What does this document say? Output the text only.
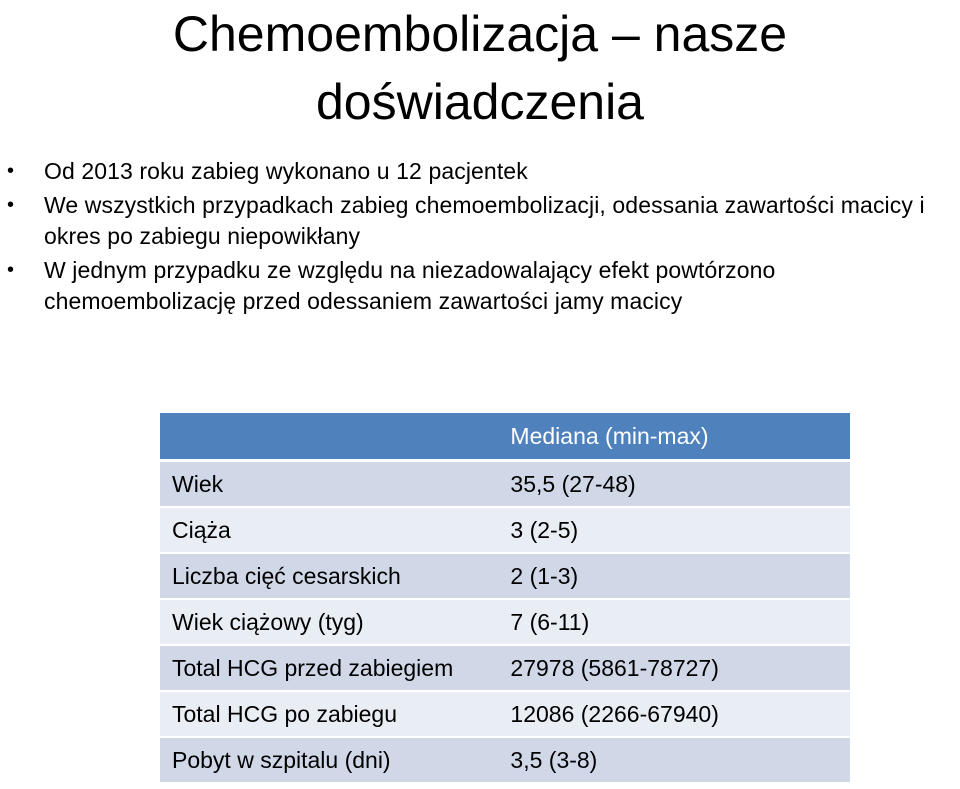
Chemoembolizacja – nasze
doświadczenia
• Od 2013 roku zabieg wykonano u 12 pacjentek
• We wszystkich przypadkach zabieg chemoembolizacji, odessania zawartości macicy i okres po zabiegu niepowikłany
• W jednym przypadku ze względu na niezadowalający efekt powtórzono chemoembolizację przed odessaniem zawartości jamy macicy
	Mediana (min-max)
Wiek	35,5 (27-48)
Ciąża	3 (2-5)
Liczba cięć cesarskich	2 (1-3)
Wiek ciążowy (tyg)	7 (6-11)
Total HCG przed zabiegiem	27978 (5861-78727)
Total HCG po zabiegu	12086 (2266-67940)
Pobyt w szpitalu (dni)	3,5 (3-8)
